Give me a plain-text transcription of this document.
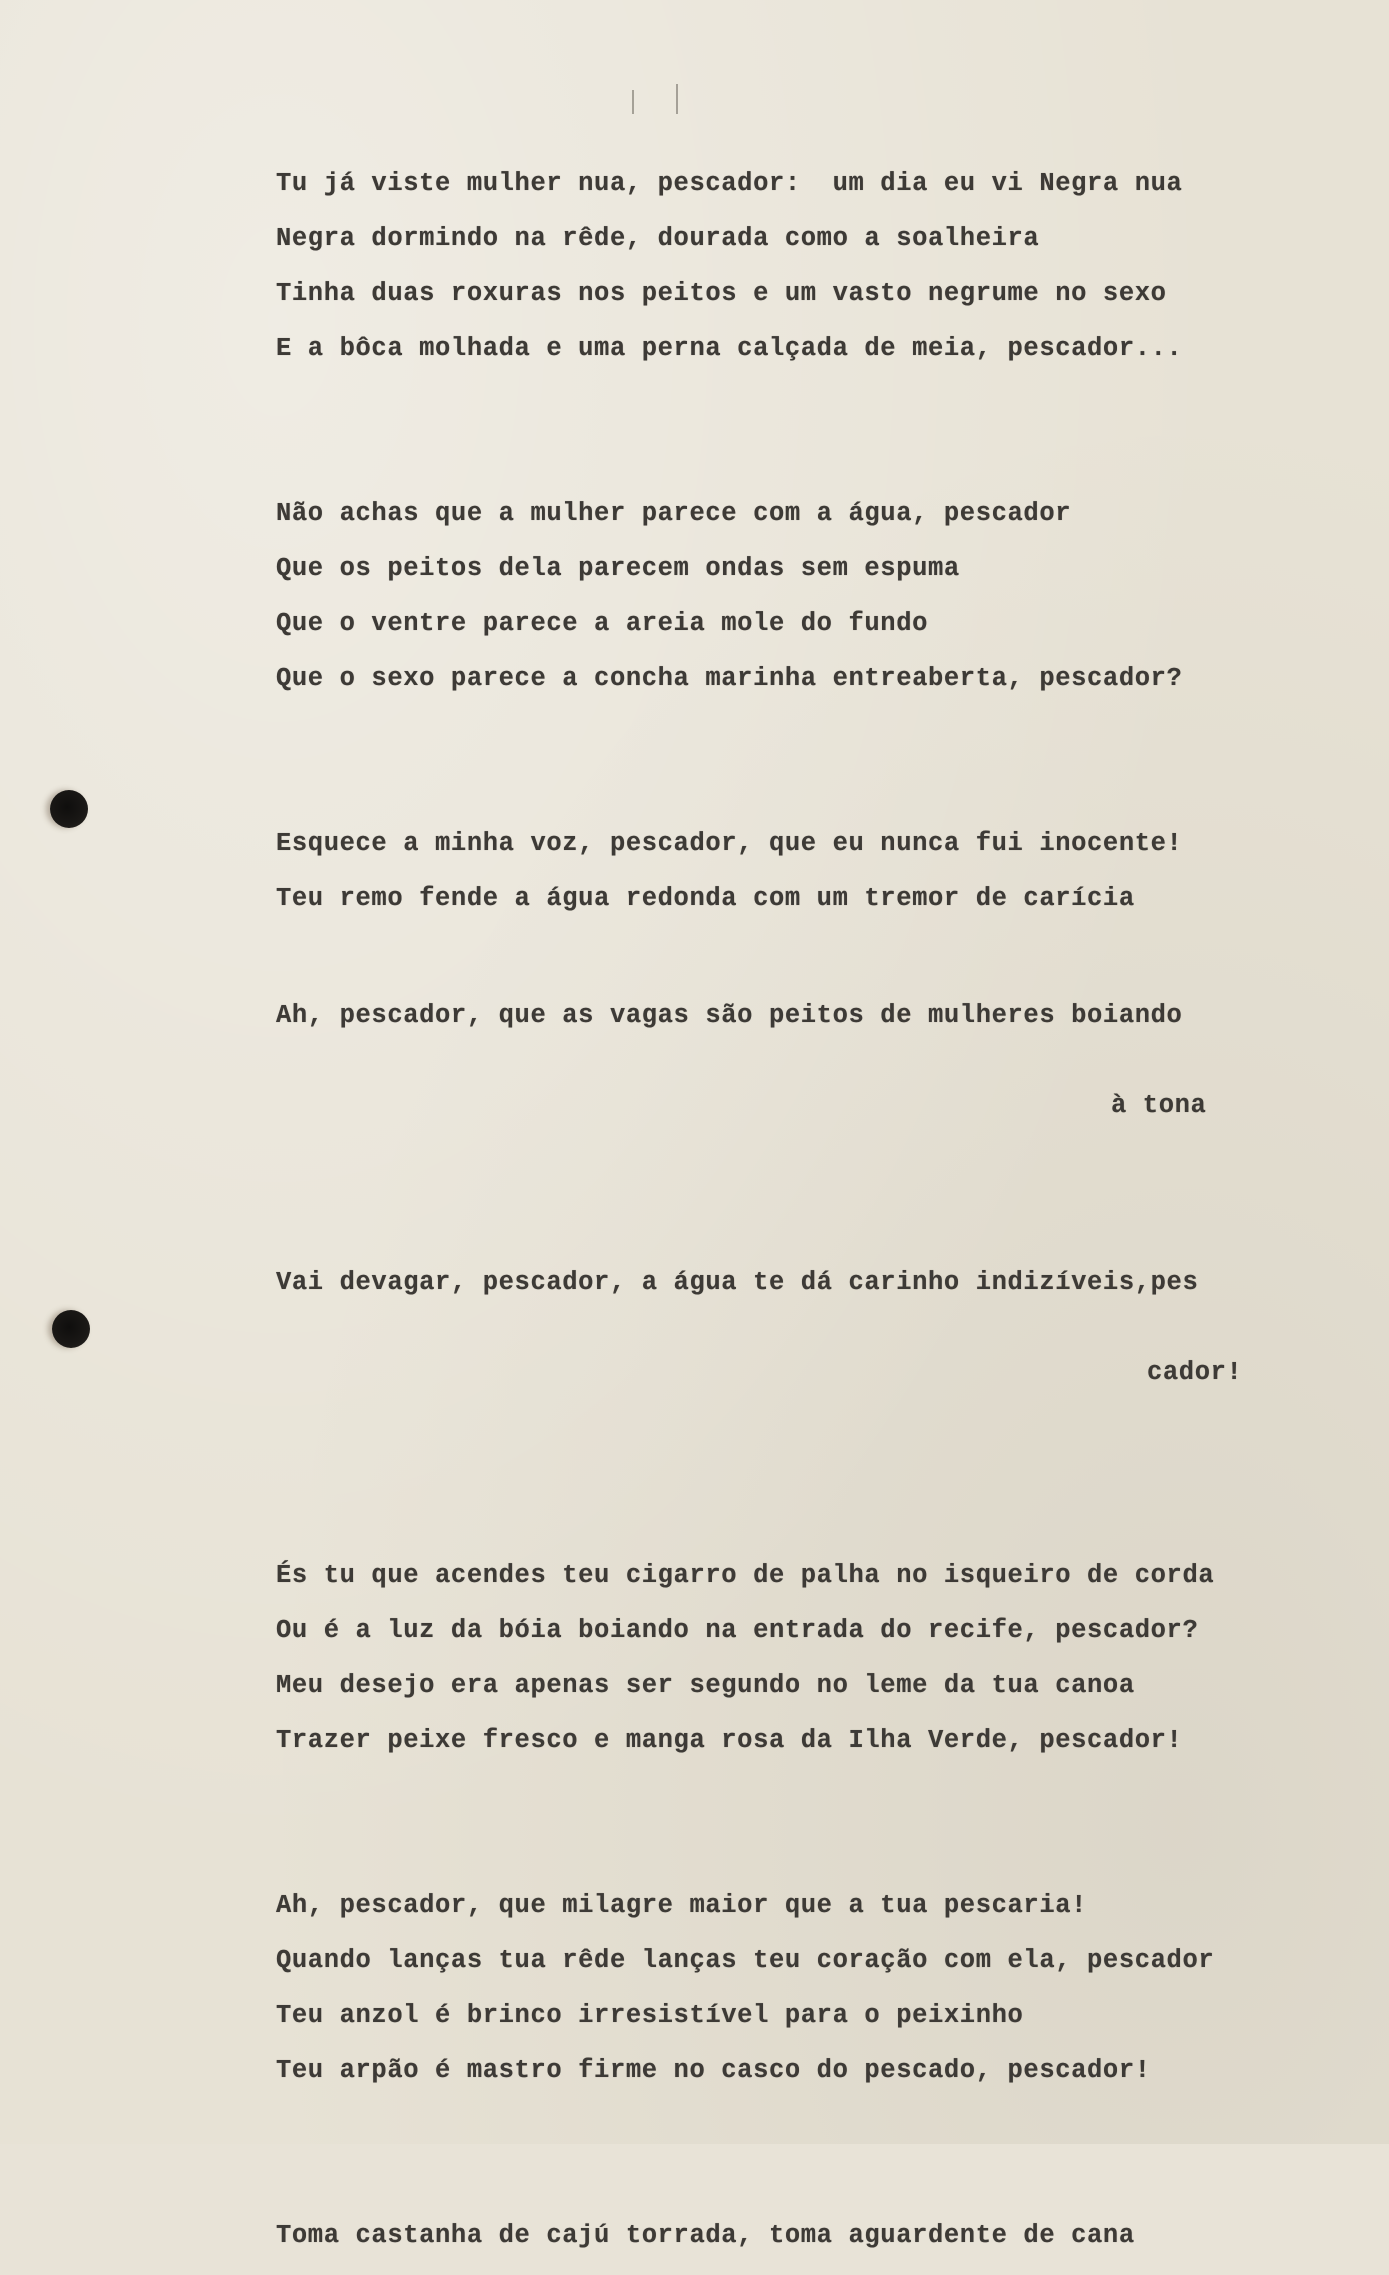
Tu já viste mulher nua, pescador:  um dia eu vi Negra nua
Negra dormindo na rêde, dourada como a soalheira
Tinha duas roxuras nos peitos e um vasto negrume no sexo
E a bôca molhada e uma perna calçada de meia, pescador...
Não achas que a mulher parece com a água, pescador
Que os peitos dela parecem ondas sem espuma
Que o ventre parece a areia mole do fundo
Que o sexo parece a concha marinha entreaberta, pescador?
Esquece a minha voz, pescador, que eu nunca fui inocente!
Teu remo fende a água redonda com um tremor de carícia

Ah, pescador, que as vagas são peitos de mulheres boiando

à tona

Vai devagar, pescador, a água te dá carinho indizíveis,pes

cador!

És tu que acendes teu cigarro de palha no isqueiro de corda
Ou é a luz da bóia boiando na entrada do recife, pescador?
Meu desejo era apenas ser segundo no leme da tua canoa
Trazer peixe fresco e manga rosa da Ilha Verde, pescador!
Ah, pescador, que milagre maior que a tua pescaria!
Quando lanças tua rêde lanças teu coração com ela, pescador
Teu anzol é brinco irresistível para o peixinho
Teu arpão é mastro firme no casco do pescado, pescador!
Toma castanha de cajú torrada, toma aguardente de cana
